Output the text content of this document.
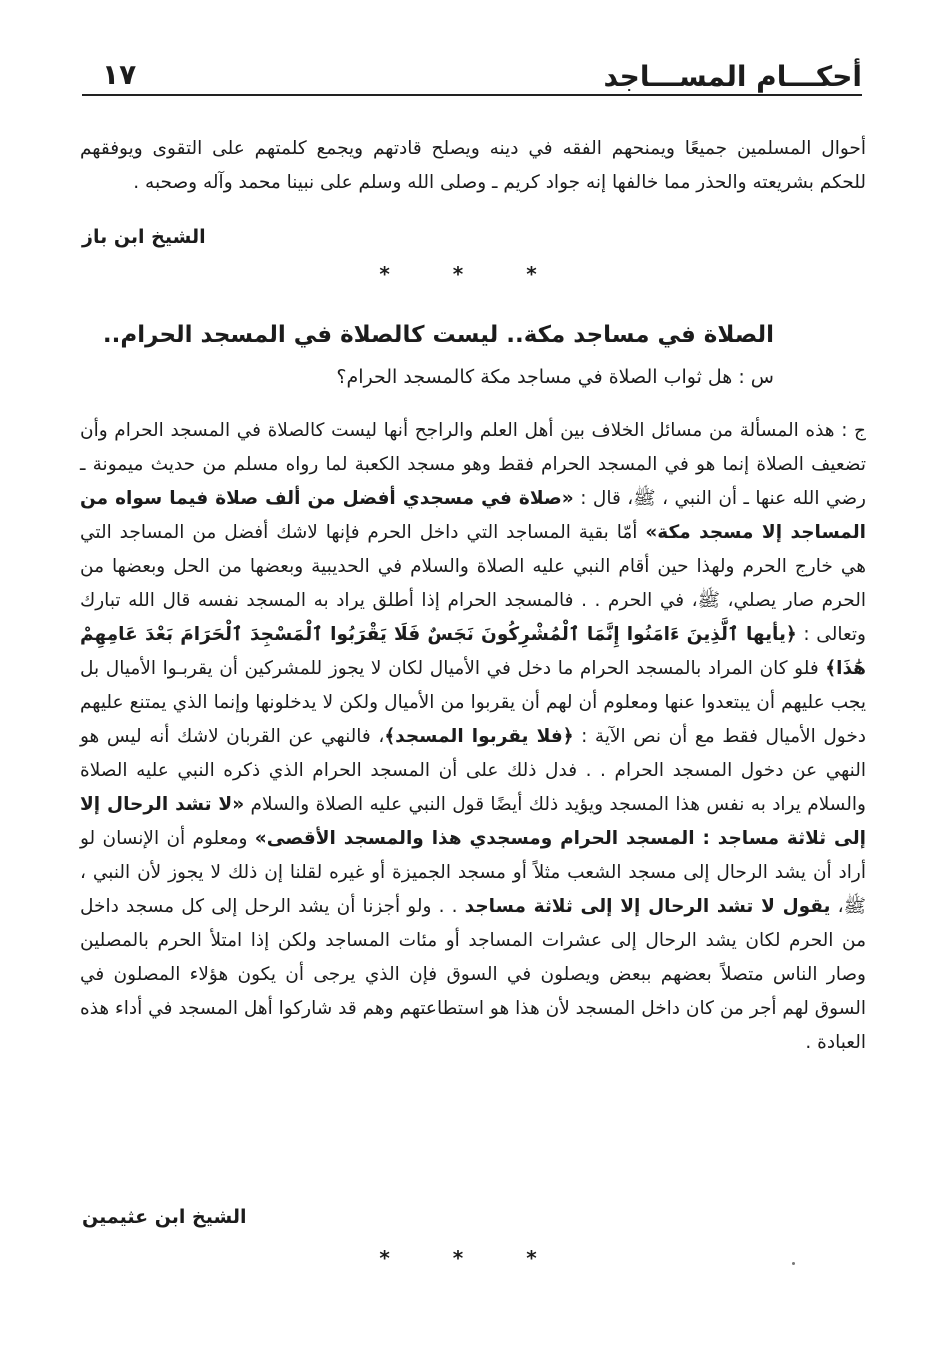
أحكـــام المســـاجد
١٧

أحوال المسلمين جميعًا ويمنحهم الفقه في دينه ويصلح قادتهم ويجمع كلمتهم على التقوى ويوفقهم للحكم بشريعته والحذر مما خالفها إنه جواد كريم ـ وصلى الله وسلم على نبينا محمد وآله وصحبه .

الشيخ ابن باز
* * *
الصلاة في مساجد مكة.. ليست كالصلاة في المسجد الحرام..
س : هل ثواب الصلاة في مساجد مكة كالمسجد الحرام؟

ج : هذه المسألة من مسائل الخلاف بين أهل العلم والراجح أنها ليست كالصلاة في المسجد الحرام وأن تضعيف الصلاة إنما هو في المسجد الحرام فقط وهو مسجد الكعبة لما رواه مسلم من حديث ميمونة ـ رضي الله عنها ـ أن النبي ، ﷺ، قال : «صلاة في مسجدي أفضل من ألف صلاة فيما سواه من المساجد إلا مسجد مكة» أمّا بقية المساجد التي داخل الحرم فإنها لاشك أفضل من المساجد التي هي خارج الحرم ولهذا حين أقام النبي عليه الصلاة والسلام في الحديبية وبعضها من الحل وبعضها من الحرم صار يصلي، ﷺ، في الحرم . . فالمسجد الحرام إذا أطلق يراد به المسجد نفسه قال الله تبارك وتعالى : ﴿يأيها ٱلَّذِينَ ءَامَنُوا إِنَّمَا ٱلْمُشْرِكُونَ نَجَسٌ فَلَا يَقْرَبُوا ٱلْمَسْجِدَ ٱلْحَرَامَ بَعْدَ عَامِهِمْ هَٰذَا﴾ فلو كان المراد بالمسجد الحرام ما دخل في الأميال لكان لا يجوز للمشركين أن يقربـوا الأميال بل يجب عليهم أن يبتعدوا عنها ومعلوم أن لهم أن يقربوا من الأميال ولكن لا يدخلونها وإنما الذي يمتنع عليهم دخول الأميال فقط مع أن نص الآية : ﴿فلا يقربوا المسجد﴾، فالنهي عن القربان لاشك أنه ليس هو النهي عن دخول المسجد الحرام . . فدل ذلك على أن المسجد الحرام الذي ذكره النبي عليه الصلاة والسلام يراد به نفس هذا المسجد ويؤيد ذلك أيضًا قول النبي عليه الصلاة والسلام «لا تشد الرحال إلا إلى ثلاثة مساجد : المسجد الحرام ومسجدي هذا والمسجد الأقصى» ومعلوم أن الإنسان لو أراد أن يشد الرحال إلى مسجد الشعب مثلاً أو مسجد الجميزة أو غيره لقلنا إن ذلك لا يجوز لأن النبي ، ﷺ، يقول لا تشد الرحال إلا إلى ثلاثة مساجد . . ولو أجزنا أن يشد الرحل إلى كل مسجد داخل من الحرم لكان يشد الرحال إلى عشرات المساجد أو مئات المساجد ولكن إذا امتلأ الحرم بالمصلين وصار الناس متصلاً بعضهم ببعض ويصلون في السوق فإن الذي يرجى أن يكون هؤلاء المصلون في السوق لهم أجر من كان داخل المسجد لأن هذا هو استطاعتهم وهم قد شاركوا أهل المسجد في أداء هذه العبادة .

الشيخ ابن عثيمين
* * *
